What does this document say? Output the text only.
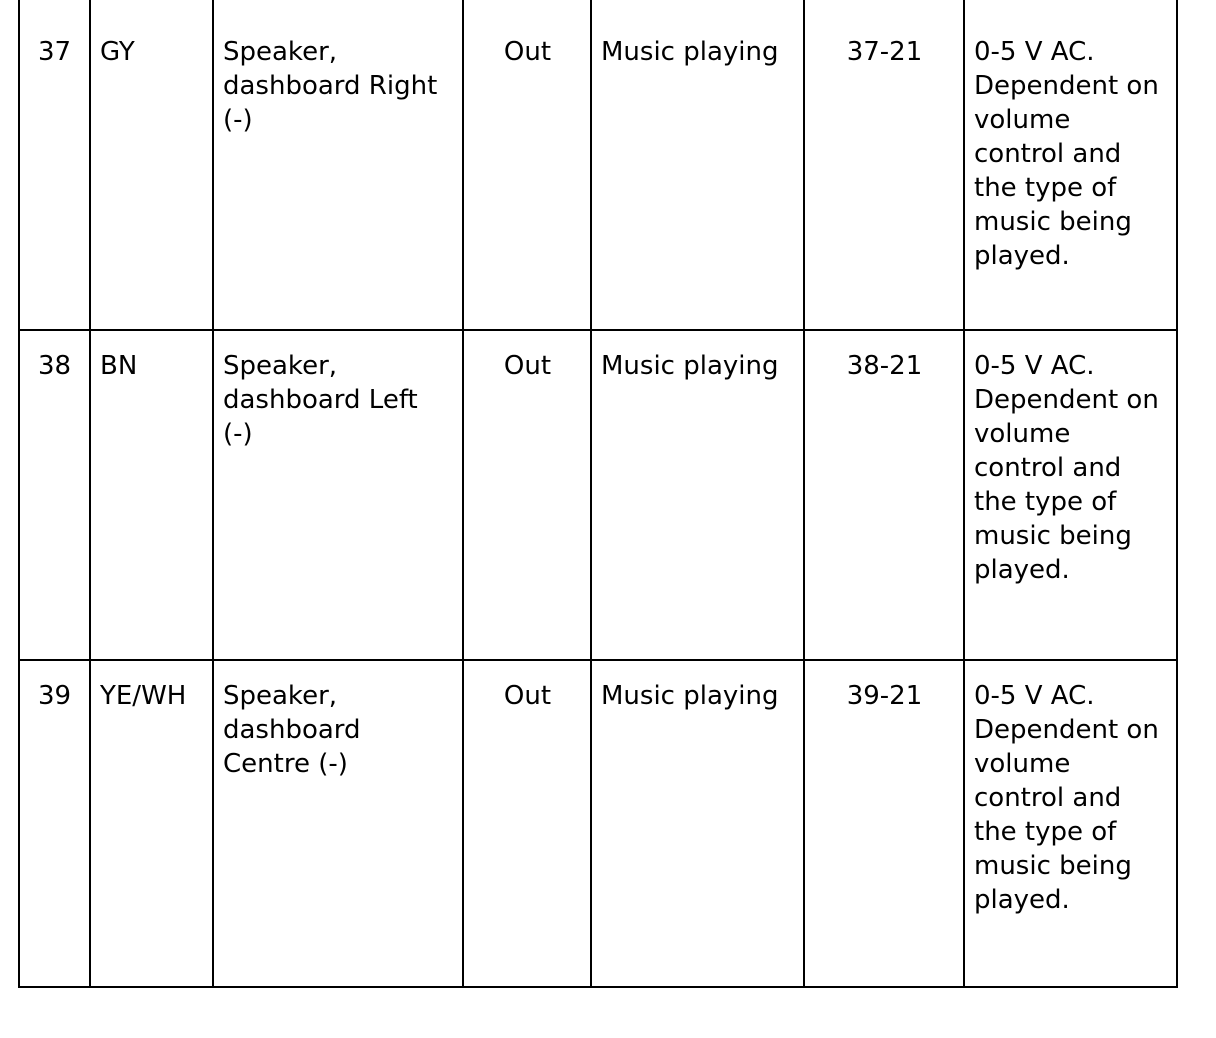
37	GY	Speaker, dashboard Right (-)	Out	Music playing	37-21	0-5 V AC. Dependent on volume control and the type of music being played.
38	BN	Speaker, dashboard Left (-)	Out	Music playing	38-21	0-5 V AC. Dependent on volume control and the type of music being played.
39	YE/WH	Speaker, dashboard Centre (-)	Out	Music playing	39-21	0-5 V AC. Dependent on volume control and the type of music being played.
